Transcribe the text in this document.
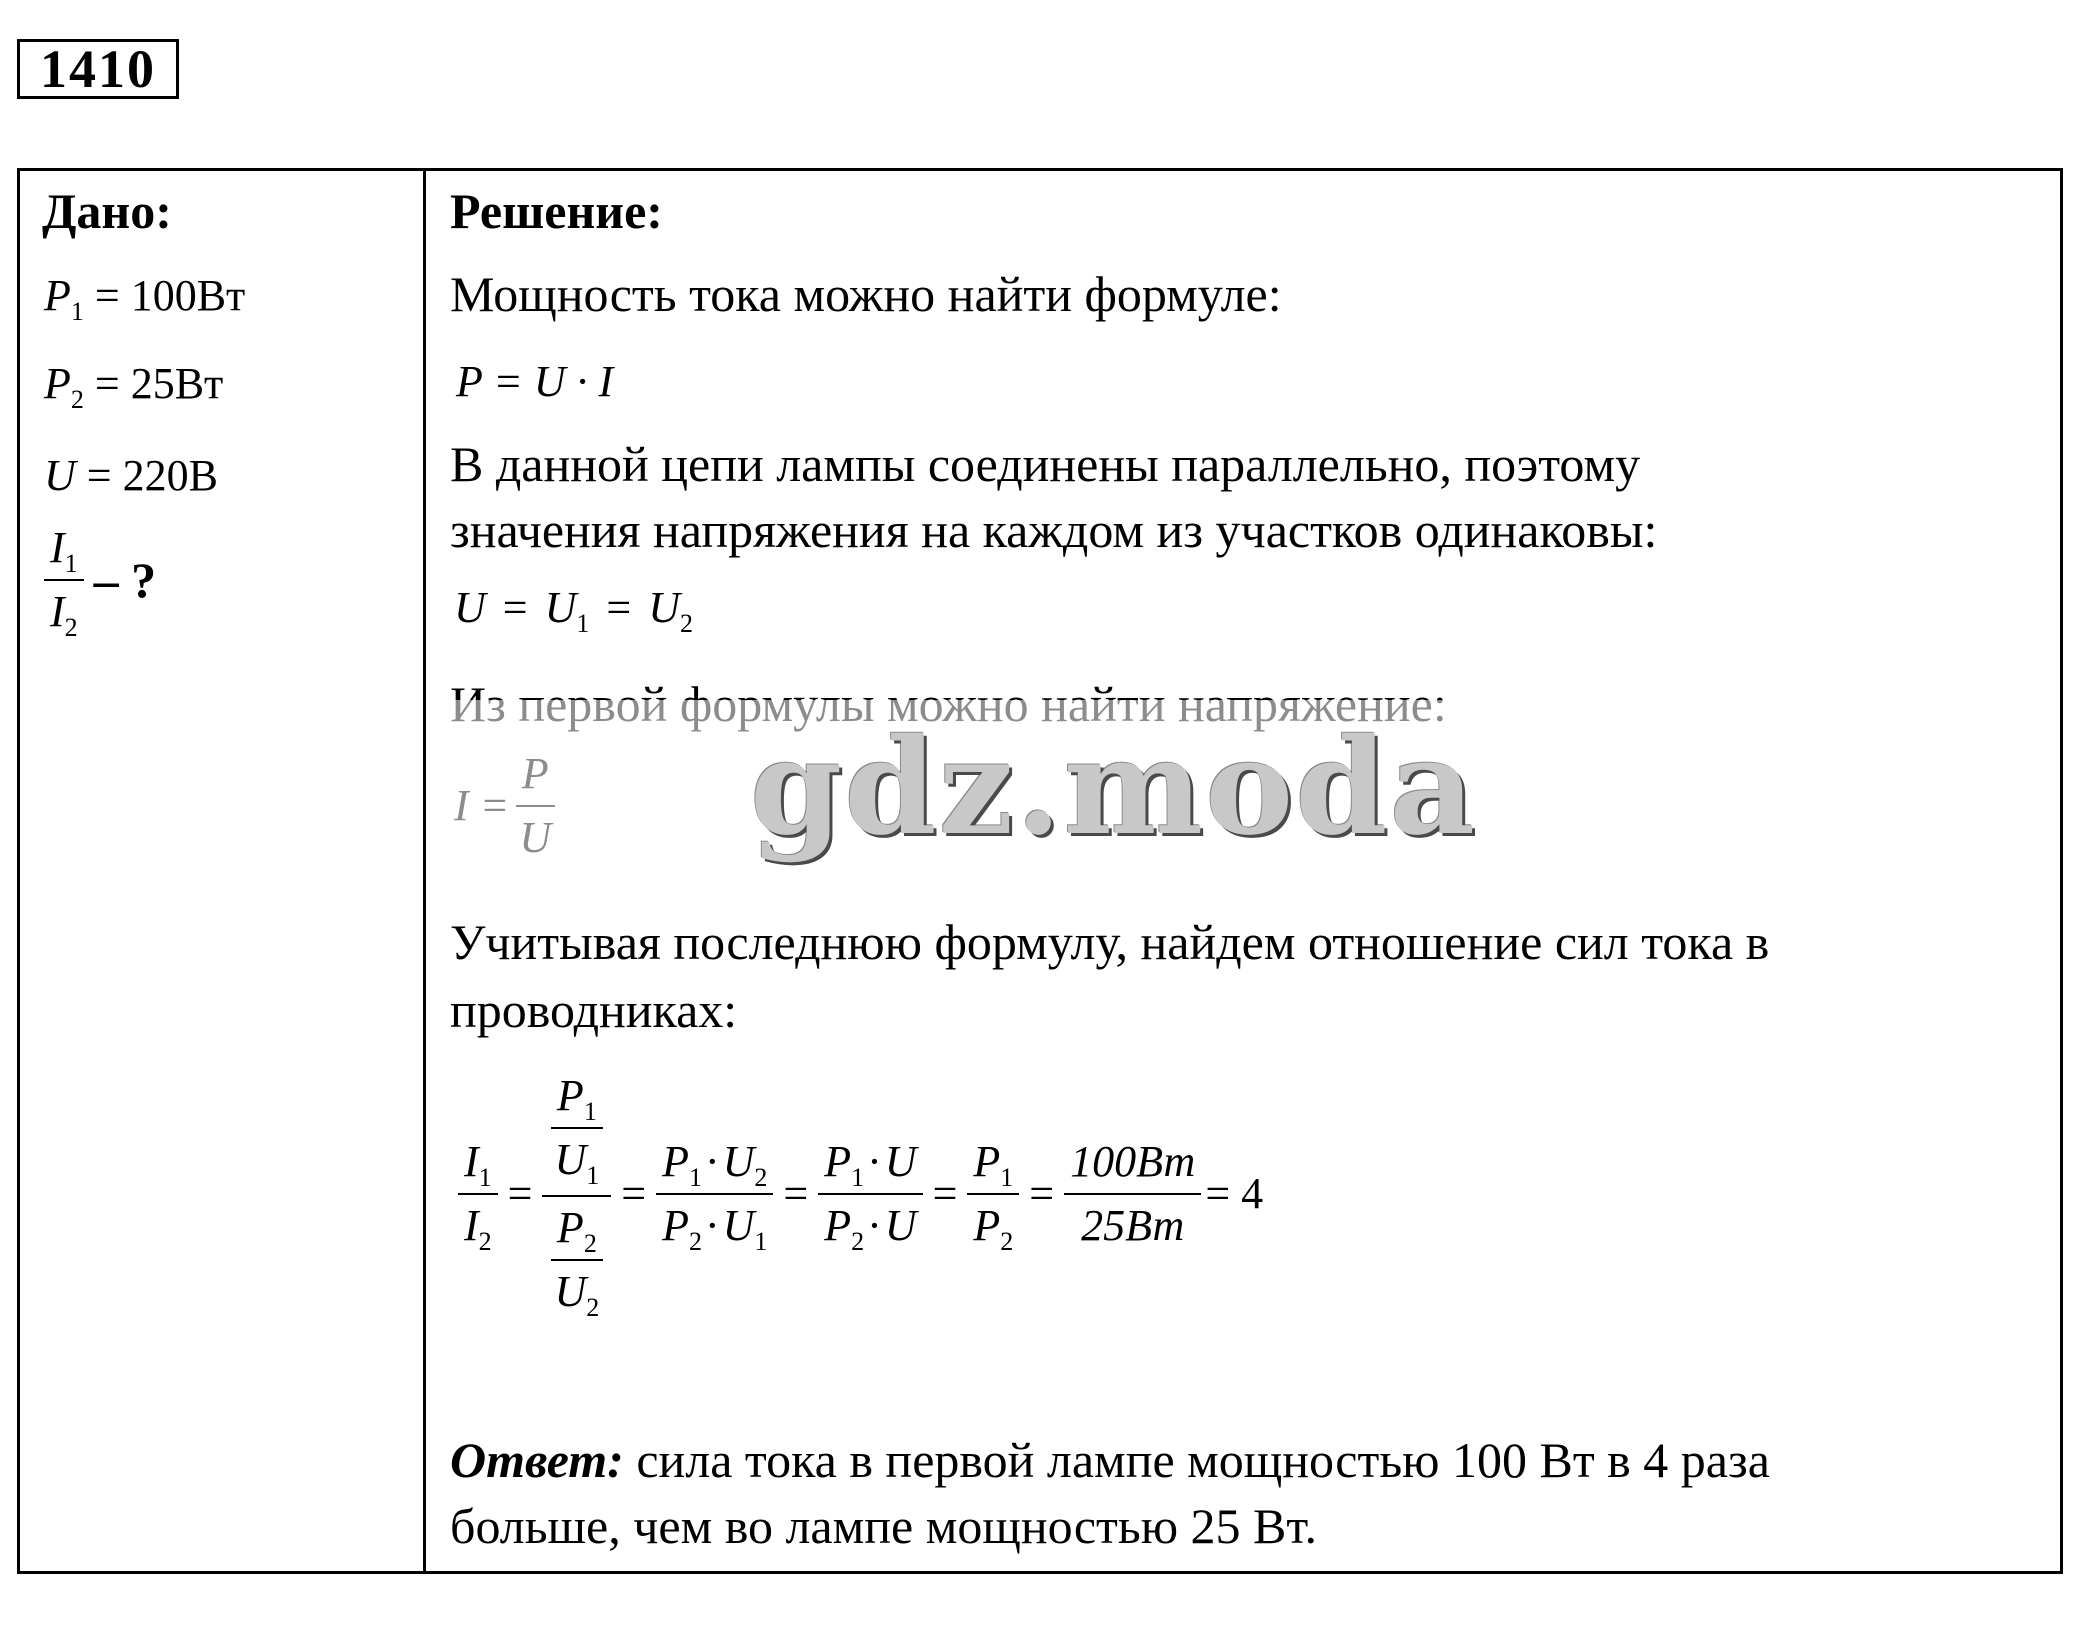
1410
Дано:
$P_1 = 100Вт$
$P_2 = 25Вт$
U = 220В
$\frac{I_1}{I_2}$ – ?
Решение:
Мощность тока можно найти формуле:
P = U · I
В данной цепи лампы соединены параллельно, поэтому
значения напряжения на каждом из участков одинаковы:
$U = U_1 = U_2$
Учитывая последнюю формулу, найдем отношение сил тока в
проводниках:
$\frac{I_1}{I_2} = \frac{\frac{P_1}{U_1}}{\frac{P_2}{U_2}} = \frac{P_1\cdot U_2}{P_2\cdot U_1} = \frac{P_1\cdot U}{P_2\cdot U} = \frac{P_1}{P_2} = \frac{100Вт}{25Вт} = 4$
Ответ: сила тока в первой лампе мощностью 100 Вт в 4 раза
больше, чем во лампе мощностью 25 Вт.
gdz.moda
